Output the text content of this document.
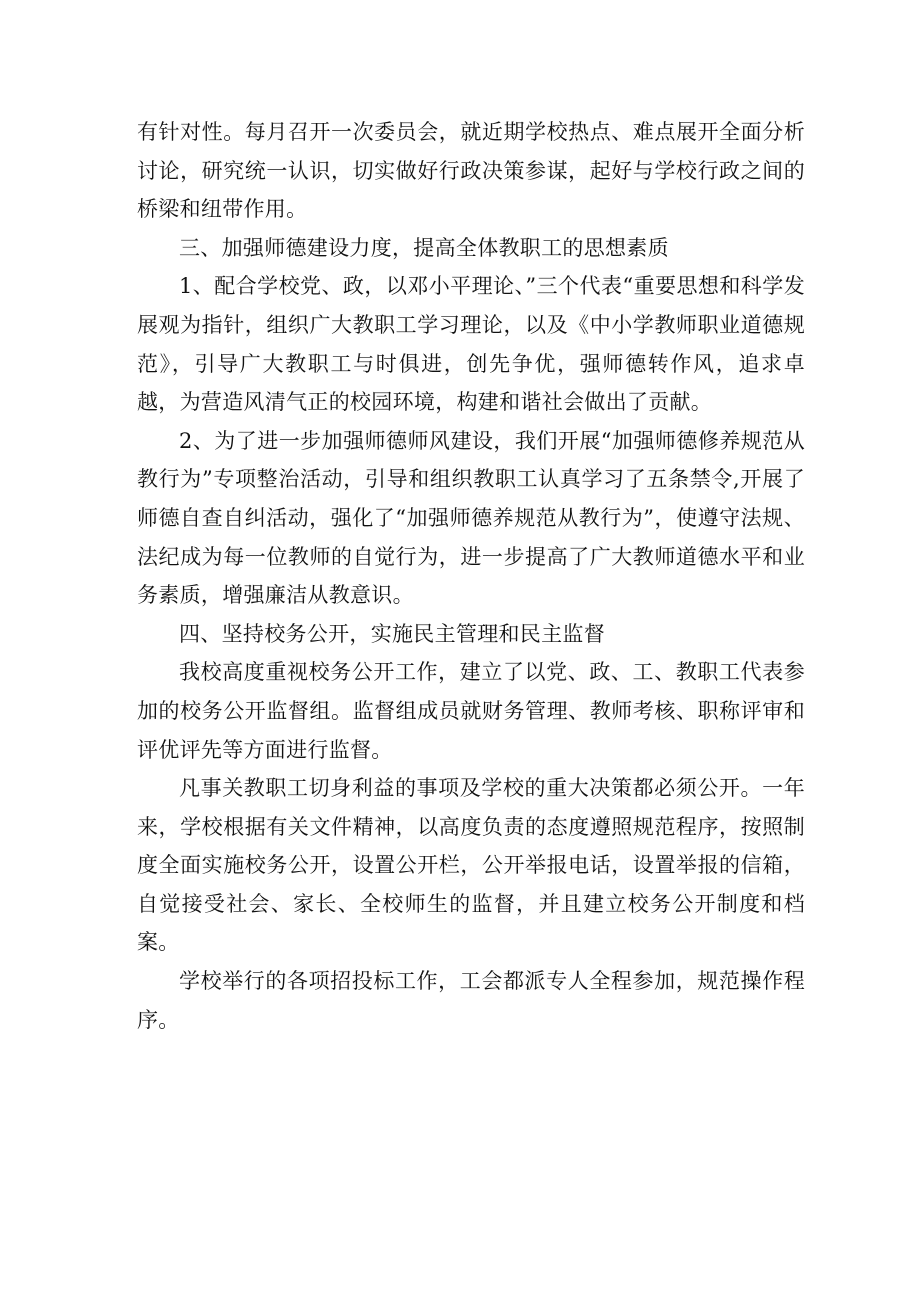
有针对性。每月召开一次委员会，就近期学校热点、难点展开全面分析讨论，研究统一认识，切实做好行政决策参谋，起好与学校行政之间的桥梁和纽带作用。

三、加强师德建设力度，提高全体教职工的思想素质

1、配合学校党、政，以邓小平理论、”三个代表“重要思想和科学发展观为指针，组织广大教职工学习理论，以及《中小学教师职业道德规范》，引导广大教职工与时俱进，创先争优，强师德转作风，追求卓越，为营造风清气正的校园环境，构建和谐社会做出了贡献。

2、为了进一步加强师德师风建设，我们开展“加强师德修养规范从教行为”专项整治活动，引导和组织教职工认真学习了五条禁令,开展了师德自查自纠活动，强化了“加强师德养规范从教行为”，使遵守法规、法纪成为每一位教师的自觉行为，进一步提高了广大教师道德水平和业务素质，增强廉洁从教意识。

四、坚持校务公开，实施民主管理和民主监督

我校高度重视校务公开工作，建立了以党、政、工、教职工代表参加的校务公开监督组。监督组成员就财务管理、教师考核、职称评审和评优评先等方面进行监督。

凡事关教职工切身利益的事项及学校的重大决策都必须公开。一年来，学校根据有关文件精神，以高度负责的态度遵照规范程序，按照制度全面实施校务公开，设置公开栏，公开举报电话，设置举报的信箱，自觉接受社会、家长、全校师生的监督，并且建立校务公开制度和档案。

学校举行的各项招投标工作，工会都派专人全程参加，规范操作程序。
